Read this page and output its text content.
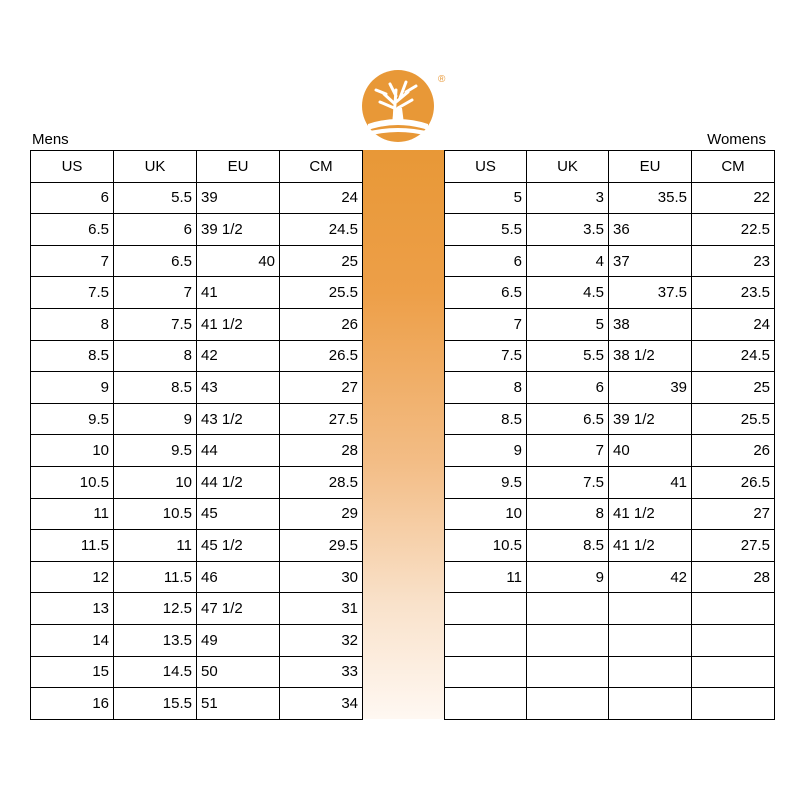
®
Mens	Womens
US	UK	EU	CM
6	5.5	39	24
6.5	6	39 1/2	24.5
7	6.5	40	25
7.5	7	41	25.5
8	7.5	41 1/2	26
8.5	8	42	26.5
9	8.5	43	27
9.5	9	43 1/2	27.5
10	9.5	44	28
10.5	10	44 1/2	28.5
11	10.5	45	29
11.5	11	45 1/2	29.5
12	11.5	46	30
13	12.5	47 1/2	31
14	13.5	49	32
15	14.5	50	33
16	15.5	51	34
US	UK	EU	CM
5	3	35.5	22
5.5	3.5	36	22.5
6	4	37	23
6.5	4.5	37.5	23.5
7	5	38	24
7.5	5.5	38 1/2	24.5
8	6	39	25
8.5	6.5	39 1/2	25.5
9	7	40	26
9.5	7.5	41	26.5
10	8	41 1/2	27
10.5	8.5	41 1/2	27.5
11	9	42	28
